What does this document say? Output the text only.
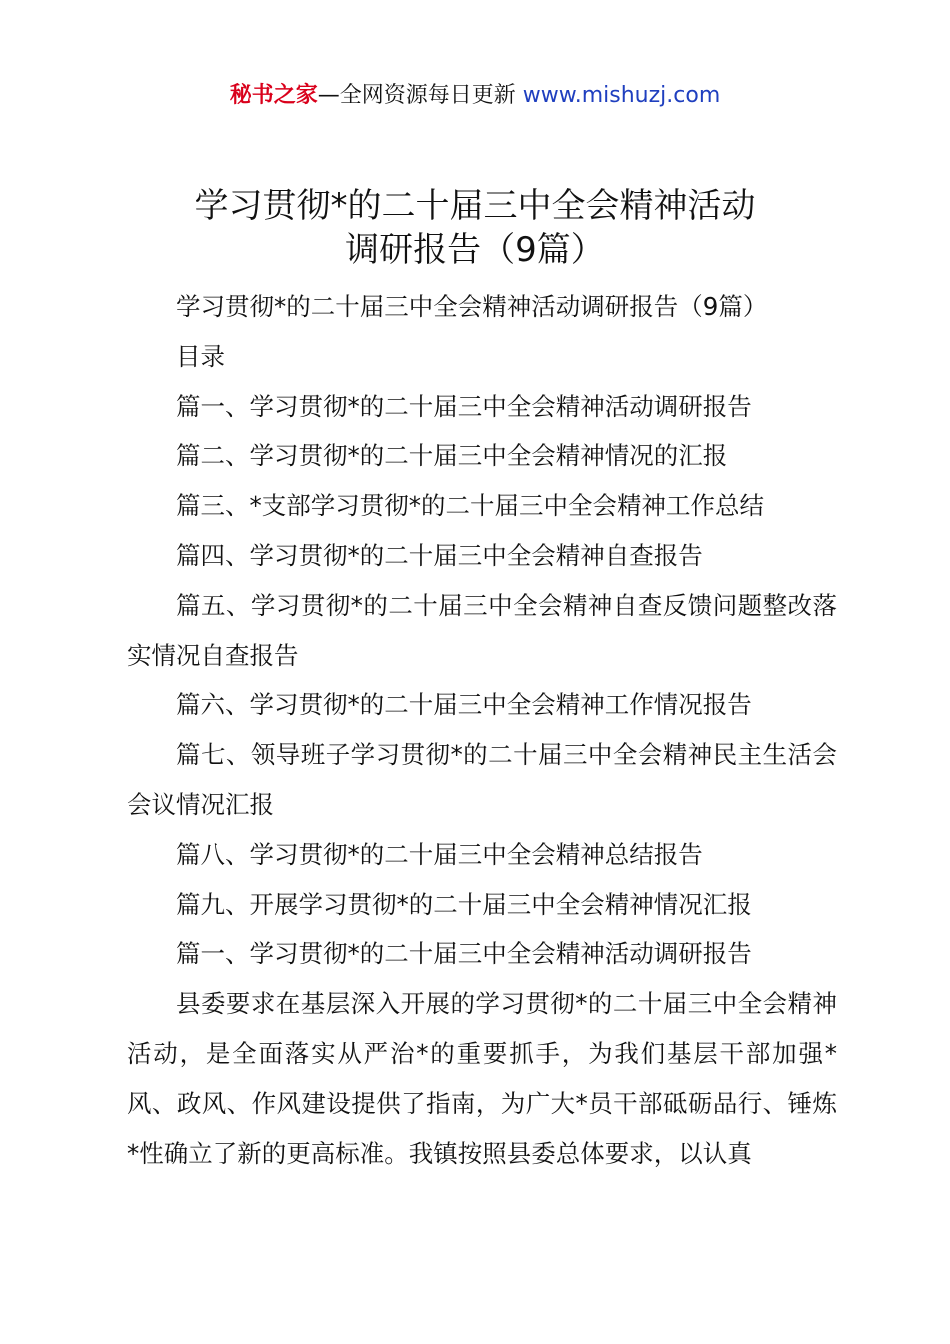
秘书之家—全网资源每日更新 www.mishuzj.com
学习贯彻*的二十届三中全会精神活动
调研报告（9篇）

学习贯彻*的二十届三中全会精神活动调研报告（9篇）

目录

篇一、学习贯彻*的二十届三中全会精神活动调研报告

篇二、学习贯彻*的二十届三中全会精神情况的汇报

篇三、*支部学习贯彻*的二十届三中全会精神工作总结

篇四、学习贯彻*的二十届三中全会精神自查报告

篇五、学习贯彻*的二十届三中全会精神自查反馈问题整改落实情况自查报告

篇六、学习贯彻*的二十届三中全会精神工作情况报告

篇七、领导班子学习贯彻*的二十届三中全会精神民主生活会会议情况汇报

篇八、学习贯彻*的二十届三中全会精神总结报告

篇九、开展学习贯彻*的二十届三中全会精神情况汇报

篇一、学习贯彻*的二十届三中全会精神活动调研报告

县委要求在基层深入开展的学习贯彻*的二十届三中全会精神活动，是全面落实从严治*的重要抓手，为我们基层干部加强*风、政风、作风建设提供了指南，为广大*员干部砥砺品行、锤炼*性确立了新的更高标准。我镇按照县委总体要求，以认真
